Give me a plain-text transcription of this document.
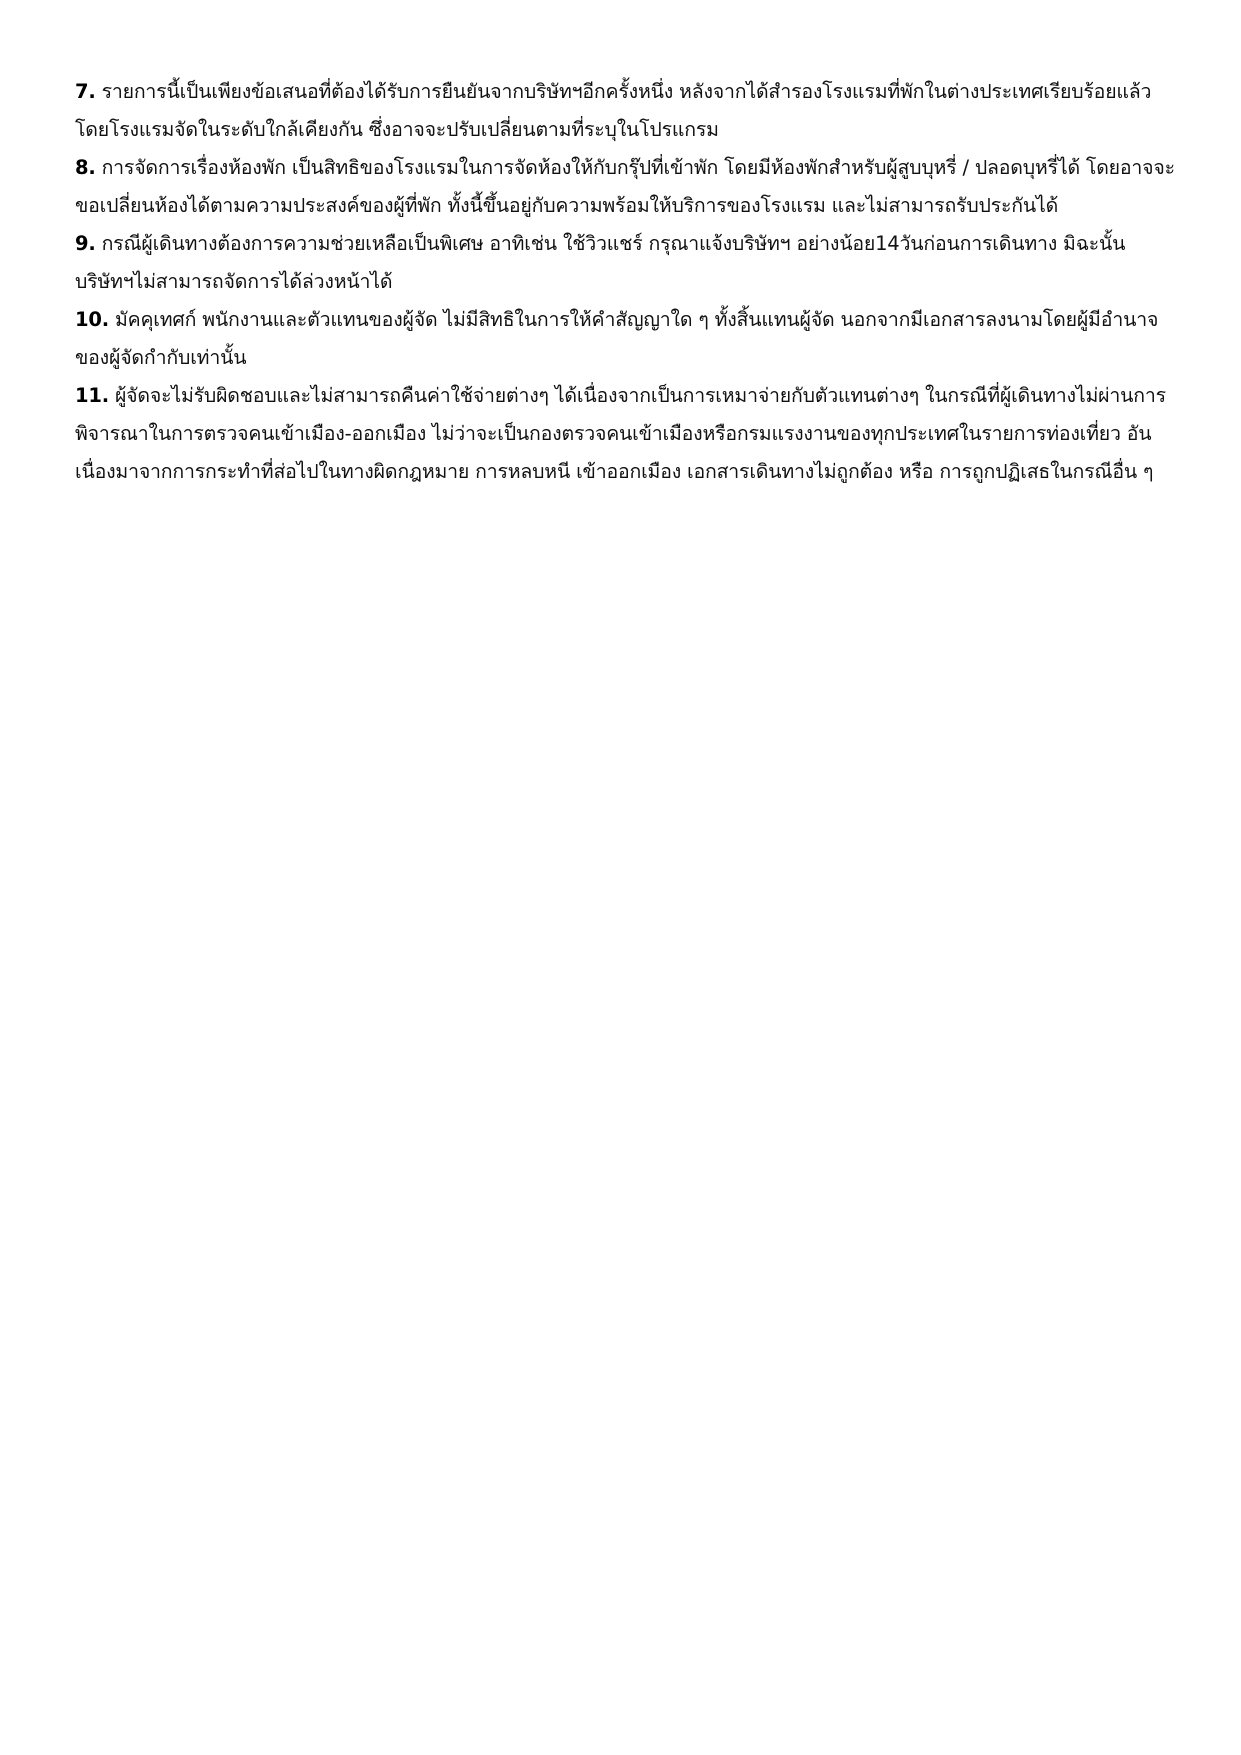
7. รายการนี้เป็นเพียงข้อเสนอที่ต้องได้รับการยืนยันจากบริษัทฯอีกครั้งหนึ่ง หลังจากได้สำรองโรงแรมที่พักในต่างประเทศเรียบร้อยแล้ว โดยโรงแรมจัดในระดับใกล้เคียงกัน ซึ่งอาจจะปรับเปลี่ยนตามที่ระบุในโปรแกรม
8. การจัดการเรื่องห้องพัก เป็นสิทธิของโรงแรมในการจัดห้องให้กับกรุ๊ปที่เข้าพัก โดยมีห้องพักสำหรับผู้สูบบุหรี่ / ปลอดบุหรี่ได้ โดยอาจจะขอเปลี่ยนห้องได้ตามความประสงค์ของผู้ที่พัก ทั้งนี้ขึ้นอยู่กับความพร้อมให้บริการของโรงแรม และไม่สามารถรับประกันได้
9. กรณีผู้เดินทางต้องการความช่วยเหลือเป็นพิเศษ อาทิเช่น ใช้วิวแชร์ กรุณาแจ้งบริษัทฯ อย่างน้อย14วันก่อนการเดินทาง มิฉะนั้น บริษัทฯไม่สามารถจัดการได้ล่วงหน้าได้
10. มัคคุเทศก์ พนักงานและตัวแทนของผู้จัด ไม่มีสิทธิในการให้คำสัญญาใด ๆ ทั้งสิ้นแทนผู้จัด นอกจากมีเอกสารลงนามโดยผู้มีอำนาจของผู้จัดกำกับเท่านั้น
11. ผู้จัดจะไม่รับผิดชอบและไม่สามารถคืนค่าใช้จ่ายต่างๆ ได้เนื่องจากเป็นการเหมาจ่ายกับตัวแทนต่างๆ ในกรณีที่ผู้เดินทางไม่ผ่านการพิจารณาในการตรวจคนเข้าเมือง-ออกเมือง ไม่ว่าจะเป็นกองตรวจคนเข้าเมืองหรือกรมแรงงานของทุกประเทศในรายการท่องเที่ยว อันเนื่องมาจากการกระทำที่ส่อไปในทางผิดกฎหมาย การหลบหนี เข้าออกเมือง เอกสารเดินทางไม่ถูกต้อง หรือ การถูกปฏิเสธในกรณีอื่น ๆ
